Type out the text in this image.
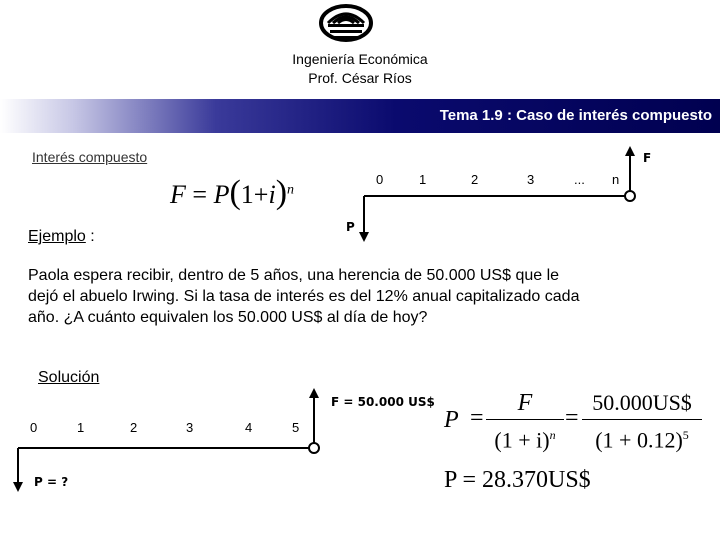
Ingeniería Económica
Prof. César Ríos
Tema 1.9 : Caso de interés compuesto
Interés compuesto
$F = P(1+i)^n$
0	1	2	3	... n
F
P
Ejemplo :
Paola espera recibir, dentro de 5 años, una herencia de 50.000 US$ que le dejó el abuelo Irwing. Si la tasa de interés es del 12% anual capitalizado cada año. ¿A cuánto equivalen los 50.000 US$ al día de hoy?
Solución
0	1	2	3	4	5
F = 50.000 US$
P = ?
P =
F
$(1 + i)^n$
=
50.000US$
$(1 + 0.12)^5$
P = 28.370US$
